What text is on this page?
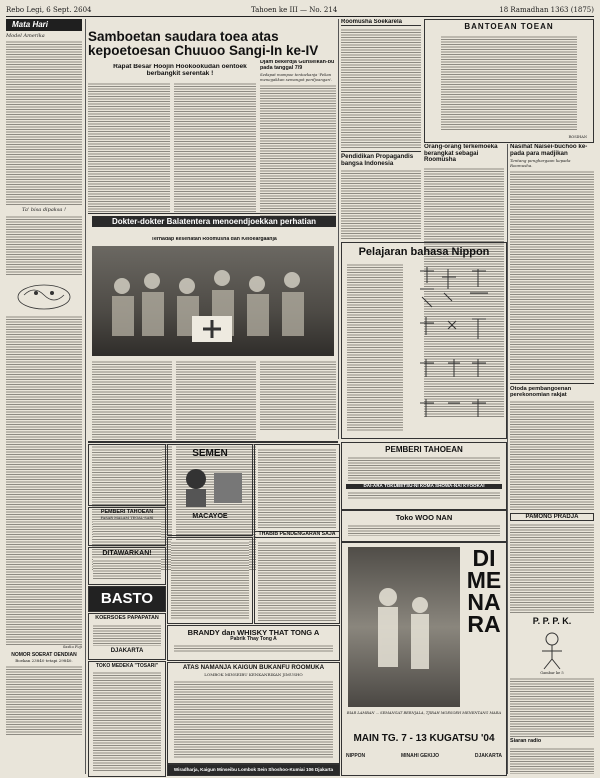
Rebo Legi, 6 Sept. 2604	Tahoen ke III — No. 214	18 Ramadhan 1363 (1875)
Mata Hari
Model Amerika
Ta' bisa dipaksa !
Sasku Fuji
NOMOR SOERAT OENDIAN
Boekan 23840 tetapi 29840.
Samboetan saudara toea atas kepoetoesan Chuuoo Sangi-In ke-IV
Rapat Besar Hoojin Hookookudan oentoek berbangkit serentak !
Djam bekerdja Gunseikan-bu pada tanggal 7/9
Sedapat mampoe tentoekanja 'Pekan menegakkan semangat perdjoangan'.
Dokter-dokter Balatentera menoendjoekkan perhatian
Terhadap kesehatan Roomusha dan Keloeargaanja
Roomusha Soekarela
Pendidikan Propagandis bangsa Indonesia
BANTOEAN TOEAN
ROSIHAN
Orang-orang terkemoeka berangkat sebagai Roomusha
Nasihat Naisei-buchoo ke-pada para madjikan
Tentang penghargaan kepada Roomusha.
Otoda pembangoenan perekonomian rakjat
PAMONG PRADJA
P. P. P. K.
Gambar ke 5
Siaran radio
Pelajaran bahasa Nippon
SEMEN
MACAYOE
PEMBERI TAHOEAN
PASAR MALAM TEGAL-SARI
DITAWARKAN!
BASTO
KOERSOES PAPAPATAN
DJAKARTA
TOKO MEDEKA "TOSARI"
THABIB PENDENGARAN SAJA
BRANDY dan WHISKY THAT TONG A
Pabrik Thay Tong A
ATAS NAMANJA KAIGUN BUKANFU ROOMUKA
LOMBOK MINSEIBU KENKANRIKAN JIMUSHO
Wiradharja, Kaigun Minseibu Lombok Sein Shoshoo-Kumiai 106 Djakarta
PEMBERI TAHOEAN
DAI-ARA TOKUBETSU-NI KOMA SHOWA-NAI KYOOKAI
Toko WOO NAN
DIMENARA
BIAR LAMBAN ... SEMANGAT BERNJALA, TJIRAH MOESOEH MENENTANG MARA
MAIN TG. 7 - 13 KUGATSU '04
NIPPON	MINAHI GEKIJO	DJAKARTA
